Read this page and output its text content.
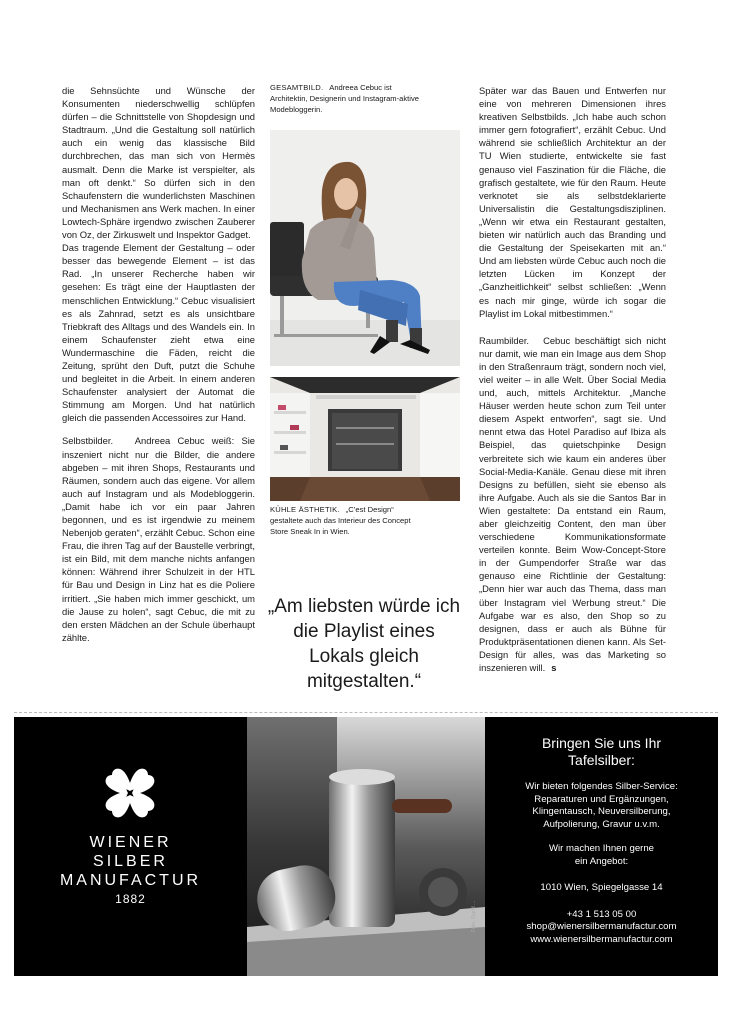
die Sehnsüchte und Wünsche der Konsumenten niederschwellig schlüpfen dürfen – die Schnittstelle von Shopdesign und Stadtraum. „Und die Gestaltung soll natürlich auch ein wenig das klassische Bild durchbrechen, das man sich von Hermès ausmalt. Denn die Marke ist verspielter, als man oft denkt.“ So dürfen sich in den Schaufenstern die wunderlichsten Maschinen und Mechanismen ans Werk machen. In einer Lowtech-Sphäre irgendwo zwischen Zauberer von Oz, der Zirkuswelt und Inspektor Gadget.

Das tragende Element der Gestaltung – oder besser das bewegende Element – ist das Rad. „In unserer Recherche haben wir gesehen: Es trägt eine der Hauptlasten der menschlichen Entwicklung.“ Cebuc visualisiert es als Zahnrad, setzt es als unsichtbare Triebkraft des Alltags und des Wandels ein. In einem Schaufenster zieht etwa eine Wundermaschine die Fäden, reicht die Zeitung, sprüht den Duft, putzt die Schuhe und begleitet in die Arbeit. In einem anderen Schaufenster analysiert der Automat die Stimmung am Morgen. Und hat natürlich gleich die passenden Accessoires zur Hand.

Selbstbilder. Andreea Cebuc weiß: Sie inszeniert nicht nur die Bilder, die andere abgeben – mit ihren Shops, Restaurants und Räumen, sondern auch das eigene. Vor allem auch auf Instagram und als Modebloggerin. „Damit habe ich vor ein paar Jahren begonnen, und es ist irgendwie zu meinem Nebenjob geraten“, erzählt Cebuc. Schon eine Frau, die ihren Tag auf der Baustelle verbringt, ist ein Bild, mit dem manche nichts anfangen können: Während ihrer Schulzeit in der HTL für Bau und Design in Linz hat es die Poliere irritiert. „Sie haben mich immer geschickt, um die Jause zu holen“, sagt Cebuc, die mit zu den ersten Mädchen an der Schule überhaupt zählte.

GESAMTBILD. Andreea Cebuc ist Architektin, Designerin und Instagram-aktive Modebloggerin.
KÜHLE ÄSTHETIK. „C’est Design“ gestaltete auch das Interieur des Concept Store Sneak In in Wien.
„Am liebsten würde ich die Playlist eines Lokals gleich mitgestalten.“

Später war das Bauen und Entwerfen nur eine von mehreren Dimensionen ihres kreativen Selbstbilds. „Ich habe auch schon immer gern fotografiert“, erzählt Cebuc. Und während sie schließlich Architektur an der TU Wien studierte, entwickelte sie fast genauso viel Faszination für die Fläche, die grafisch gestaltete, wie für den Raum. Heute verknotet sie als selbstdeklarierte Universalistin die Gestaltungsdisziplinen. „Wenn wir etwa ein Restaurant gestalten, bieten wir natürlich auch das Branding und die Gestaltung der Speisekarten mit an.“ Und am liebsten würde Cebuc auch noch die letzten Lücken im Konzept der „Ganzheitlichkeit“ selbst schließen: „Wenn es nach mir ginge, würde ich sogar die Playlist im Lokal mitbestimmen.“

Raumbilder. Cebuc beschäftigt sich nicht nur damit, wie man ein Image aus dem Shop in den Straßenraum trägt, sondern noch viel, viel weiter – in alle Welt. Über Social Media und, auch, mittels Architektur. „Manche Häuser werden heute schon zum Teil unter diesem Aspekt entworfen“, sagt sie. Und nennt etwa das Hotel Paradiso auf Ibiza als Beispiel, das quietschpinke Design verbreitete sich wie kaum ein anderes über Social-Media-Kanäle. Genau diese mit ihren Designs zu befüllen, sieht sie ebenso als ihre Aufgabe. Auch als sie die Santos Bar in Wien gestaltete: Da entstand ein Raum, aber gleichzeitig Content, den man über verschiedene Kommunikationsformate verteilen konnte. Beim Wow-Concept-Store in der Gumpendorfer Straße war das genauso eine Richtlinie der Gestaltung: „Denn hier war auch das Thema, dass man über Instagram viel Werbung streut.“ Die Aufgabe war es also, den Shop so zu designen, dass er auch als Bühne für Produktpräsentationen dienen kann. Als Set-Design für alles, was das Marketing so inszenieren will. s

WIENER
SILBER
MANUFACTUR
1882
Foto: Sigrid ...
Bringen Sie uns Ihr Tafelsilber:
Wir bieten folgendes Silber-Service:
Reparaturen und Ergänzungen,
Klingentausch, Neuversilberung,
Aufpolierung, Gravur u.v.m.
Wir machen Ihnen gerne
ein Angebot:
1010 Wien, Spiegelgasse 14
+43 1 513 05 00
shop@wienersilbermanufactur.com
www.wienersilbermanufactur.com
